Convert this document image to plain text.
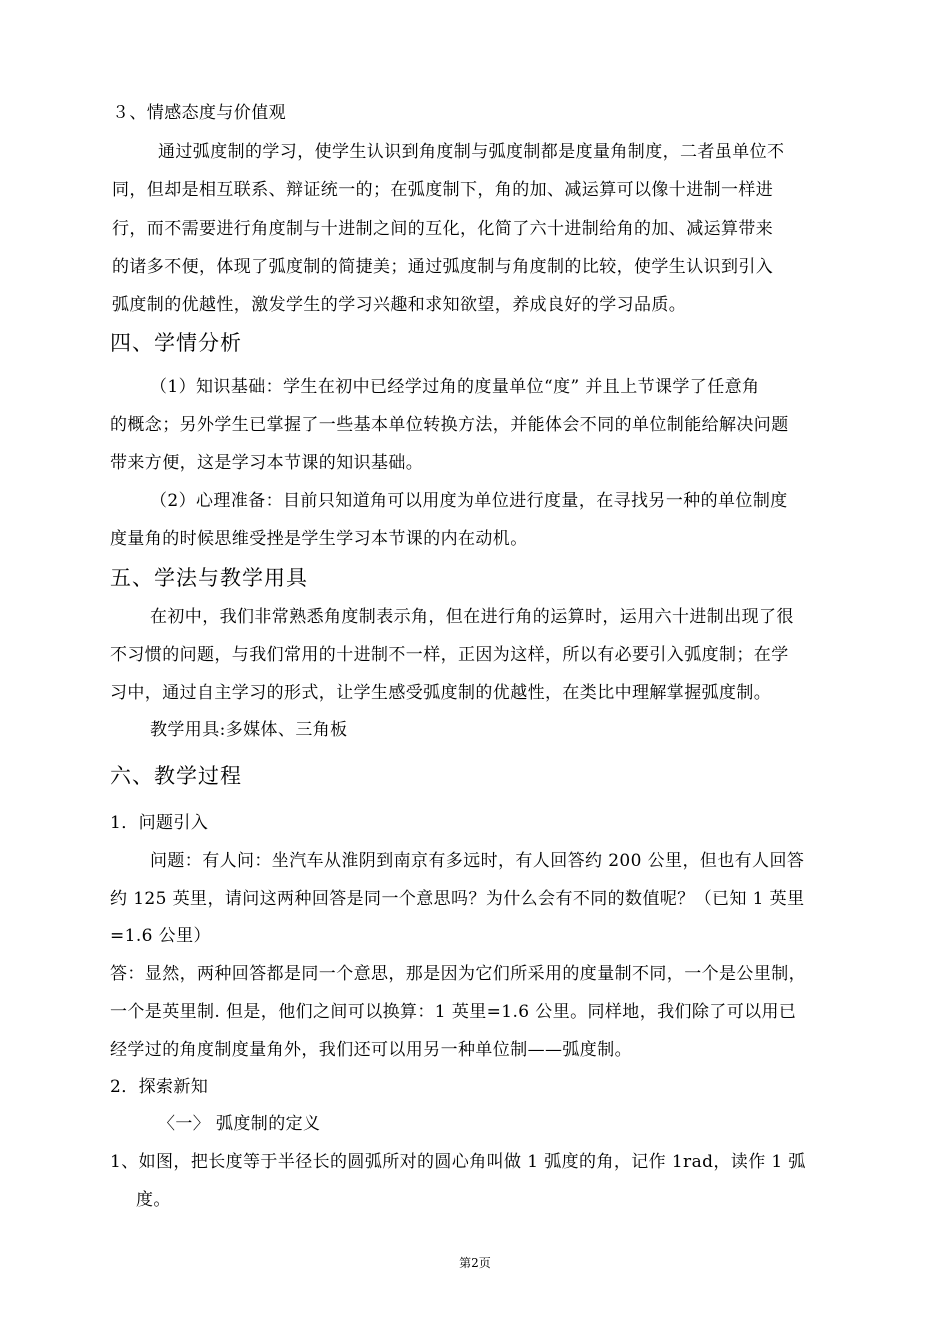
３、情感态度与价值观
通过弧度制的学习，使学生认识到角度制与弧度制都是度量角制度，二者虽单位不
同，但却是相互联系、辩证统一的；在弧度制下，角的加、减运算可以像十进制一样进
行，而不需要进行角度制与十进制之间的互化，化简了六十进制给角的加、减运算带来
的诸多不便，体现了弧度制的简捷美；通过弧度制与角度制的比较，使学生认识到引入
弧度制的优越性，激发学生的学习兴趣和求知欲望，养成良好的学习品质。
四、学情分析
（1）知识基础：学生在初中已经学过角的度量单位“度” 并且上节课学了任意角
的概念；另外学生已掌握了一些基本单位转换方法，并能体会不同的单位制能给解决问题
带来方便，这是学习本节课的知识基础。
（2）心理准备：目前只知道角可以用度为单位进行度量，在寻找另一种的单位制度
度量角的时候思维受挫是学生学习本节课的内在动机。
五、学法与教学用具
在初中，我们非常熟悉角度制表示角，但在进行角的运算时，运用六十进制出现了很
不习惯的问题，与我们常用的十进制不一样，正因为这样，所以有必要引入弧度制；在学
习中，通过自主学习的形式，让学生感受弧度制的优越性，在类比中理解掌握弧度制。
教学用具:多媒体、三角板
六、教学过程
1．问题引入
问题：有人问：坐汽车从淮阴到南京有多远时，有人回答约 200 公里，但也有人回答
约 125 英里，请问这两种回答是同一个意思吗？为什么会有不同的数值呢？（已知 1 英里
=1.6 公里）
答：显然，两种回答都是同一个意思，那是因为它们所采用的度量制不同，一个是公里制，
一个是英里制. 但是，他们之间可以换算：1 英里=1.6 公里。同样地，我们除了可以用已
经学过的角度制度量角外，我们还可以用另一种单位制——弧度制。
2．探索新知
〈一〉 弧度制的定义
1、如图，把长度等于半径长的圆弧所对的圆心角叫做 1 弧度的角，记作 1rad，读作 1 弧
度。
第2页
